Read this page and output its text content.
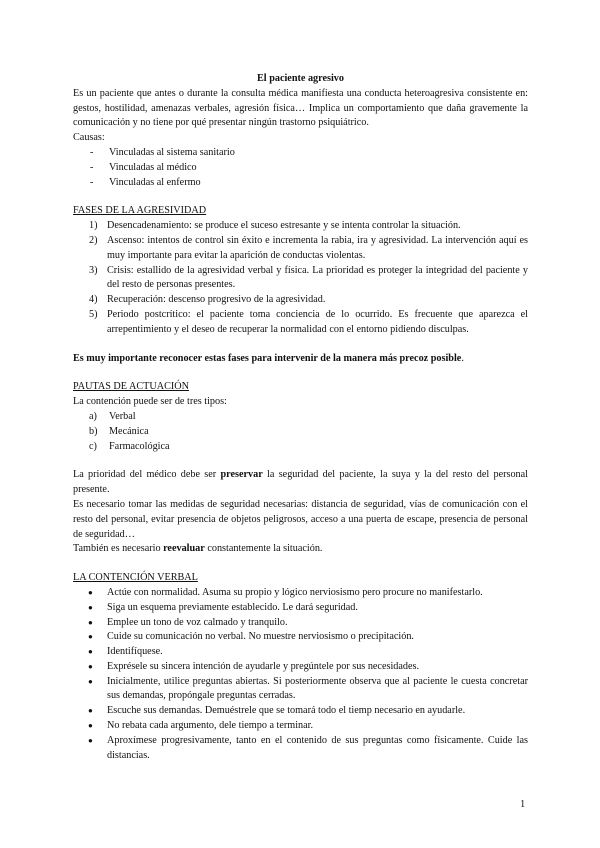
El paciente agresivo

Es un paciente que antes o durante la consulta médica manifiesta una conducta heteroagresiva consistente en: gestos, hostilidad, amenazas verbales, agresión física… Implica un comportamiento que daña gravemente la comunicación y no tiene por qué presentar ningún trastorno psiquiátrico.

Causas:

- Vinculadas al sistema sanitario
- Vinculadas al médico
- Vinculadas al enfermo

FASES DE LA AGRESIVIDAD

1) Desencadenamiento: se produce el suceso estresante y se intenta controlar la situación.
2) Ascenso: intentos de control sin éxito e incrementa la rabia, ira y agresividad. La intervención aquí es muy importante para evitar la aparición de conductas violentas.
3) Crisis: estallido de la agresividad verbal y física. La prioridad es proteger la integridad del paciente y del resto de personas presentes.
4) Recuperación: descenso progresivo de la agresividad.
5) Periodo postcrítico: el paciente toma conciencia de lo ocurrido. Es frecuente que aparezca el arrepentimiento y el deseo de recuperar la normalidad con el entorno pidiendo disculpas.

Es muy importante reconocer estas fases para intervenir de la manera más precoz posible.

PAUTAS DE ACTUACIÓN

La contención puede ser de tres tipos:

a) Verbal
b) Mecánica
c) Farmacológica

La prioridad del médico debe ser preservar la seguridad del paciente, la suya y la del resto del personal presente.

Es necesario tomar las medidas de seguridad necesarias: distancia de seguridad, vías de comunicación con el resto del personal, evitar presencia de objetos peligrosos, acceso a una puerta de escape, presencia de personal de seguridad…

También es necesario reevaluar constantemente la situación.

LA CONTENCIÓN VERBAL

● Actúe con normalidad. Asuma su propio y lógico nerviosismo pero procure no manifestarlo.
● Siga un esquema previamente establecido. Le dará seguridad.
● Emplee un tono de voz calmado y tranquilo.
● Cuide su comunicación no verbal. No muestre nerviosismo o precipitación.
● Identifíquese.
● Exprésele su sincera intención de ayudarle y pregúntele por sus necesidades.
● Inicialmente, utilice preguntas abiertas. Si posteriormente observa que al paciente le cuesta concretar sus demandas, propóngale preguntas cerradas.
● Escuche sus demandas. Demuéstrele que se tomará todo el tiemp necesario en ayudarle.
● No rebata cada argumento, dele tiempo a terminar.
● Aproxímese progresivamente, tanto en el contenido de sus preguntas como físicamente. Cuide las distancias.
1
